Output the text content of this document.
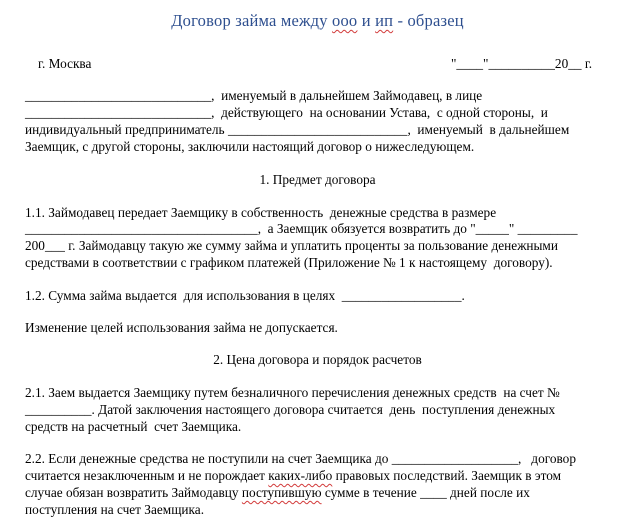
Договор займа между ооо и ип - образец
г. Москва	"____"__________20__ г.
____________________________,  именуемый в дальнейшем Займодавец, в лице
____________________________,  действующего  на основании Устава,  с одной стороны,  и
индивидуальный предприниматель ___________________________,  именуемый  в дальнейшем
Заемщик, с другой стороны, заключили настоящий договор о нижеследующем.
1. Предмет договора
1.1. Займодавец передает Заемщику в собственность  денежные средства в размере
___________________________________,  а Заемщик обязуется возвратить до "_____" _________
200___ г. Займодавцу такую же сумму займа и уплатить проценты за пользование денежными
средствами в соответствии с графиком платежей (Приложение № 1 к настоящему  договору).
1.2. Сумма займа выдается  для использования в целях  __________________.
Изменение целей использования займа не допускается.
2. Цена договора и порядок расчетов
2.1. Заем выдается Заемщику путем безналичного перечисления денежных средств  на счет №
__________. Датой заключения настоящего договора считается  день  поступления денежных
средств на расчетный  счет Заемщика.
2.2. Если денежные средства не поступили на счет Заемщика до ___________________,   договор
считается незаключенным и не порождает каких-либо правовых последствий. Заемщик в этом
случае обязан возвратить Займодавцу поступившую сумме в течение ____ дней после их
поступления на счет Заемщика.
